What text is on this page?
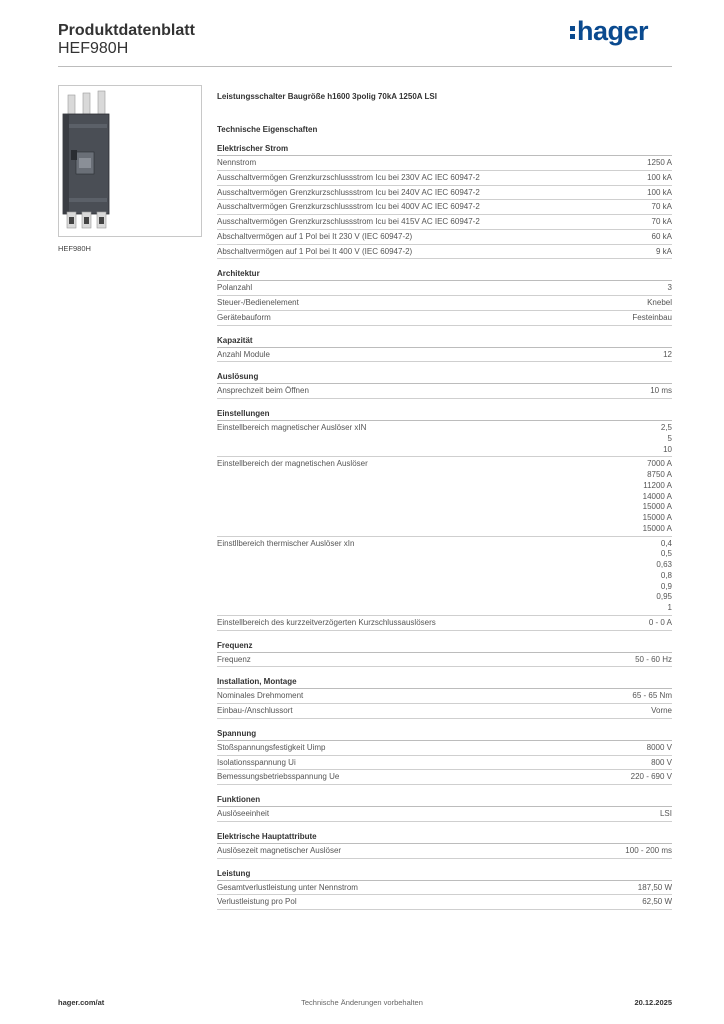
Produktdatenblatt
HEF980H
hager
HEF980H
Leistungsschalter Baugröße h1600 3polig 70kA 1250A LSI
Technische Eigenschaften
Elektrischer Strom
Nennstrom	1250 A
Ausschaltvermögen Grenzkurzschlussstrom Icu bei 230V AC IEC 60947-2	100 kA
Ausschaltvermögen Grenzkurzschlussstrom Icu bei 240V AC IEC 60947-2	100 kA
Ausschaltvermögen Grenzkurzschlussstrom Icu bei 400V AC IEC 60947-2	70 kA
Ausschaltvermögen Grenzkurzschlussstrom Icu bei 415V AC IEC 60947-2	70 kA
Abschaltvermögen auf 1 Pol bei It 230 V (IEC 60947-2)	60 kA
Abschaltvermögen auf 1 Pol bei It 400 V (IEC 60947-2)	9 kA
Architektur
Polanzahl	3
Steuer-/Bedienelement	Knebel
Gerätebauform	Festeinbau
Kapazität
Anzahl Module	12
Auslösung
Ansprechzeit beim Öffnen	10 ms
Einstellungen
Einstellbereich magnetischer Auslöser xIN	2,5
5
10
Einstellbereich der magnetischen Auslöser	7000 A
8750 A
11200 A
14000 A
15000 A
15000 A
15000 A
Einstllbereich thermischer Auslöser xIn	0,4
0,5
0,63
0,8
0,9
0,95
1
Einstellbereich des kurzzeitverzögerten Kurzschlussauslösers	0 - 0 A
Frequenz
Frequenz	50 - 60 Hz
Installation, Montage
Nominales Drehmoment	65 - 65 Nm
Einbau-/Anschlussort	Vorne
Spannung
Stoßspannungsfestigkeit Uimp	8000 V
Isolationsspannung Ui	800 V
Bemessungsbetriebsspannung Ue	220 - 690 V
Funktionen
Auslöseeinheit	LSI
Elektrische Hauptattribute
Auslösezeit magnetischer Auslöser	100 - 200 ms
Leistung
Gesamtverlustleistung unter Nennstrom	187,50 W
Verlustleistung pro Pol	62,50 W
hager.com/at	Technische Änderungen vorbehalten	20.12.2025
